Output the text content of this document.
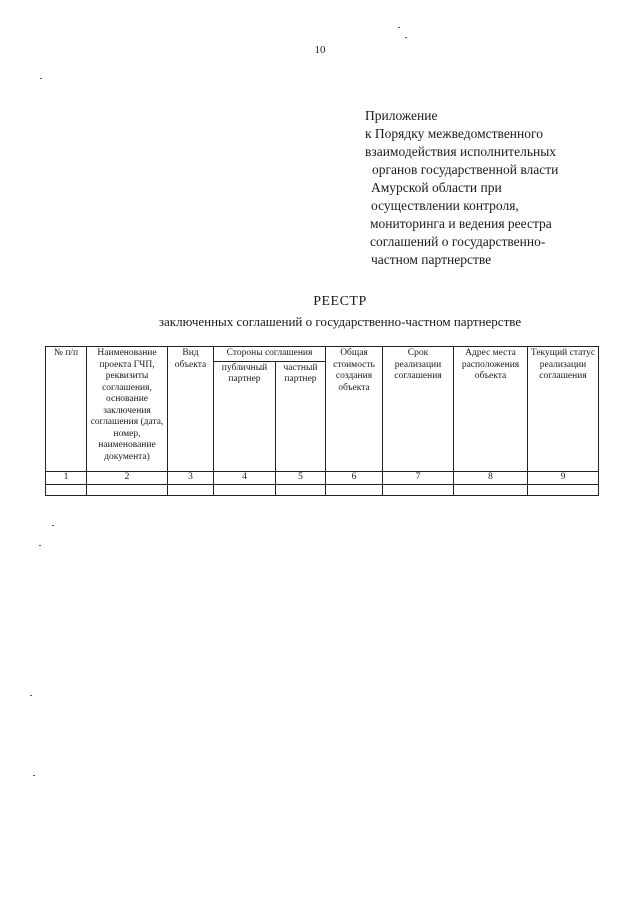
10
Приложение
к Порядку межведомственного
взаимодействия исполнительных
органов государственной власти
Амурской области при
осуществлении контроля,
мониторинга и ведения реестра
соглашений о государственно-
частном партнерстве
РЕЕСТР
заключенных соглашений о государственно-частном партнерстве
№ п/п	Наименование проекта ГЧП, реквизиты соглашения, основание заключения соглашения (дата, номер, наименование документа)	Вид объекта	Стороны соглашения		Общая стоимость создания объекта	Срок реализации соглашения	Адрес места расположения объекта	Текущий статус реализации соглашения
			публичный партнер	частный партнер				
1	2	3	4	5	6	7	8	9
